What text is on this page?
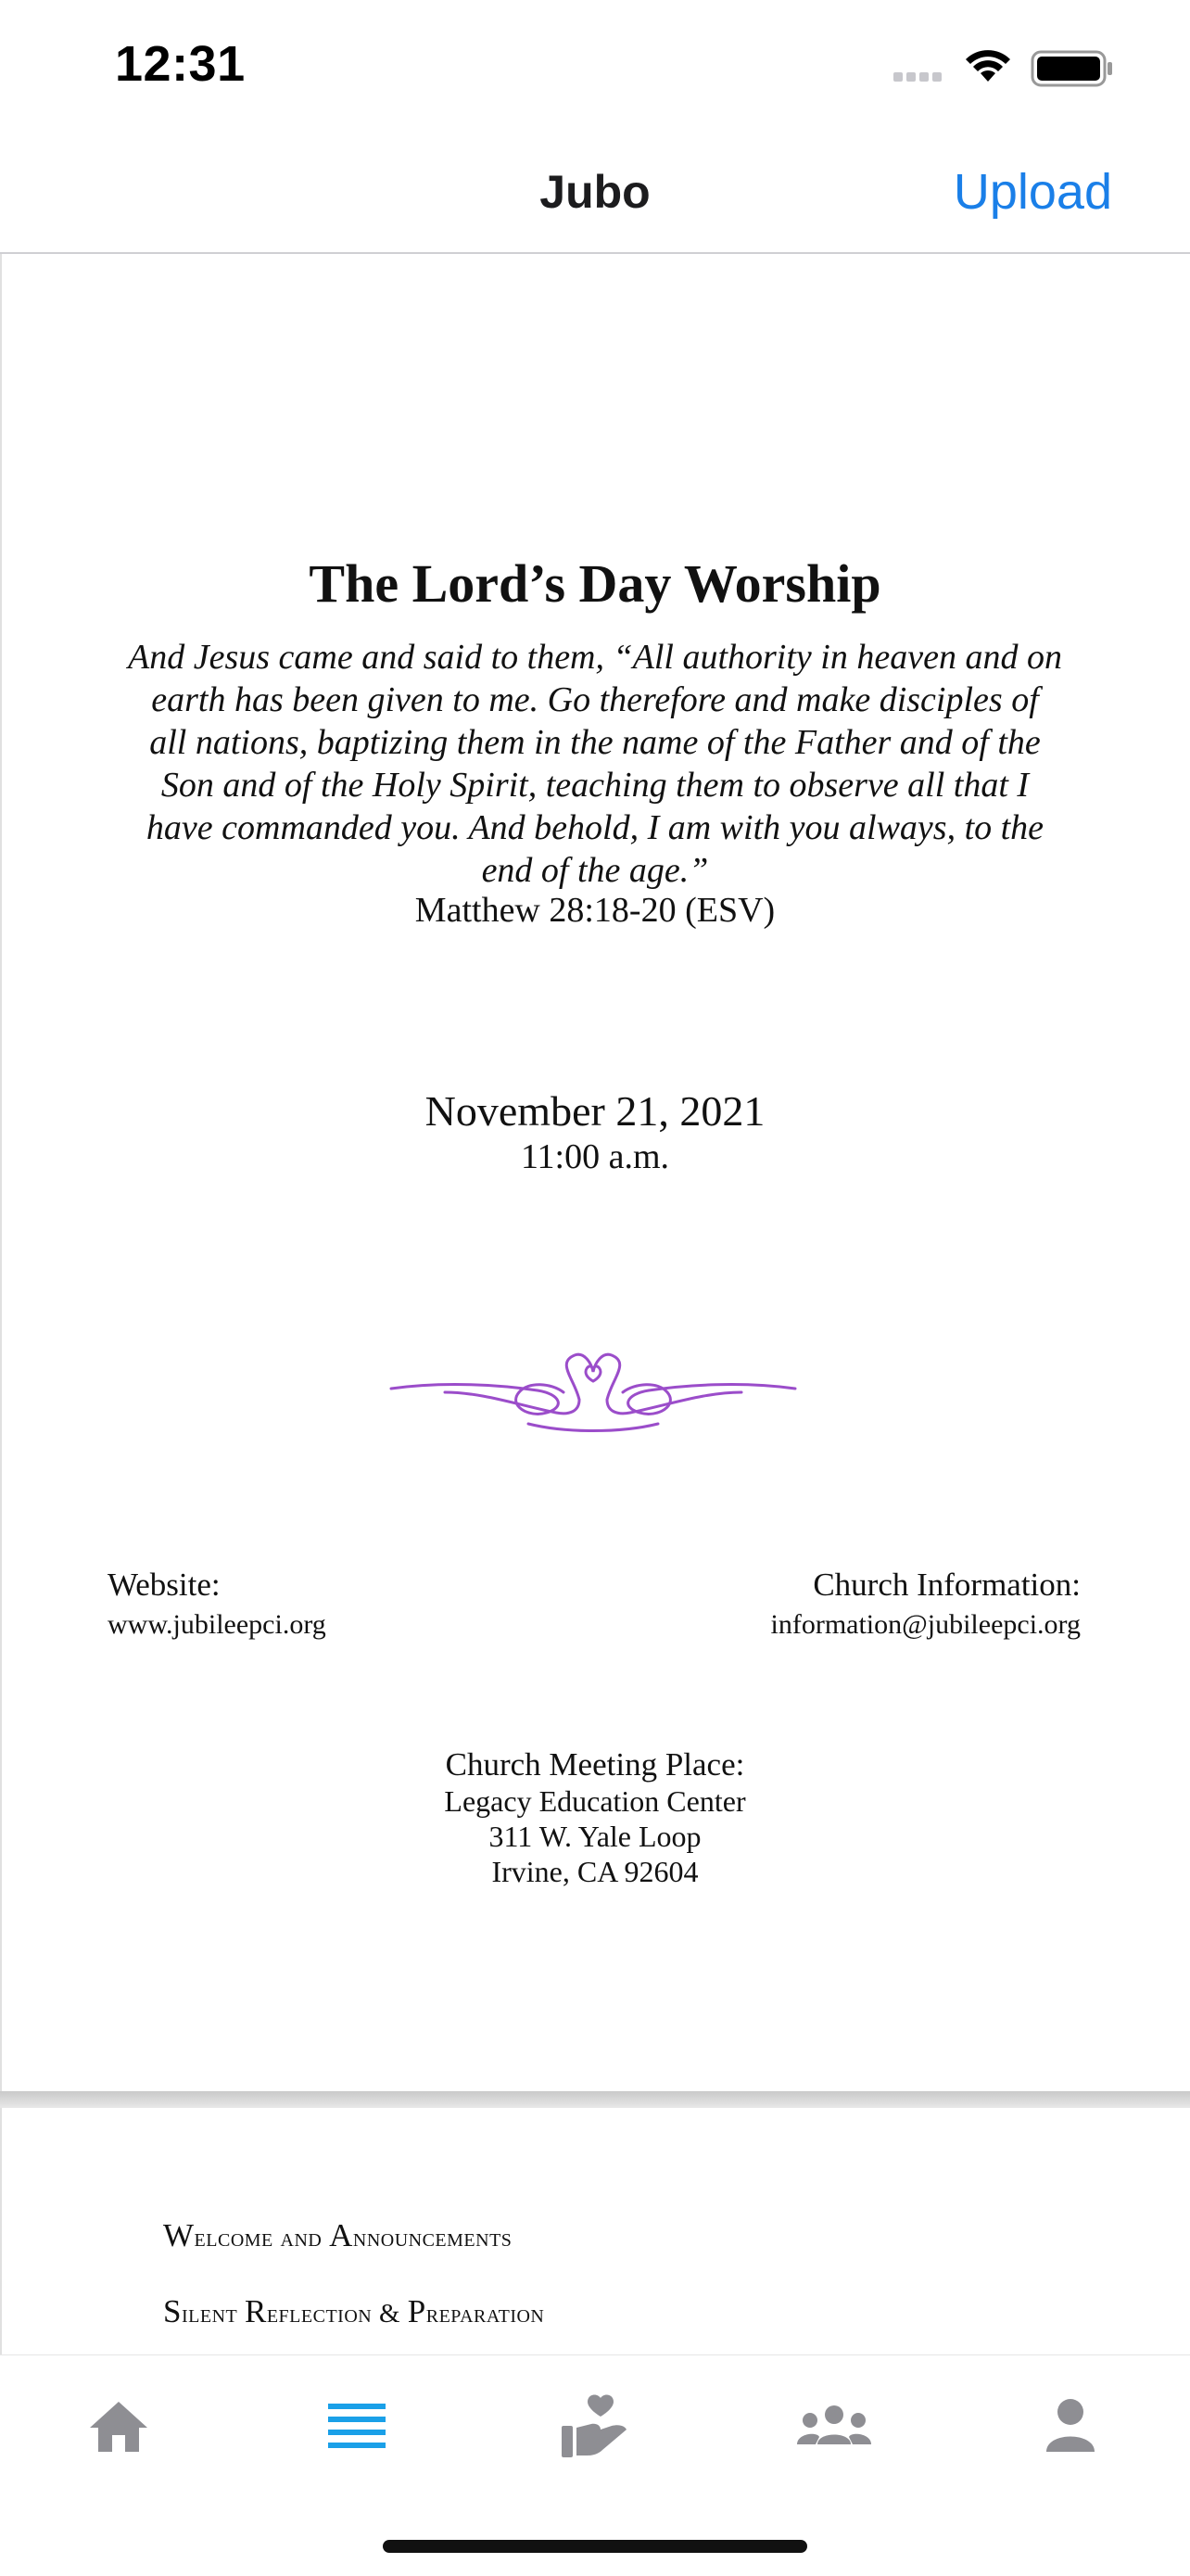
12:31
Jubo	Upload
The Lord’s Day Worship
And Jesus came and said to them, “All authority in heaven and on
earth has been given to me. Go therefore and make disciples of
all nations, baptizing them in the name of the Father and of the
Son and of the Holy Spirit, teaching them to observe all that I
have commanded you. And behold, I am with you always, to the
end of the age.”
Matthew 28:18-20 (ESV)
November 21, 2021
11:00 a.m.
Website:
www.jubileepci.org
Church Information:
information@jubileepci.org
Church Meeting Place:
Legacy Education Center
311 W. Yale Loop
Irvine, CA 92604
Welcome and Announcements
Silent Reflection & Preparation
